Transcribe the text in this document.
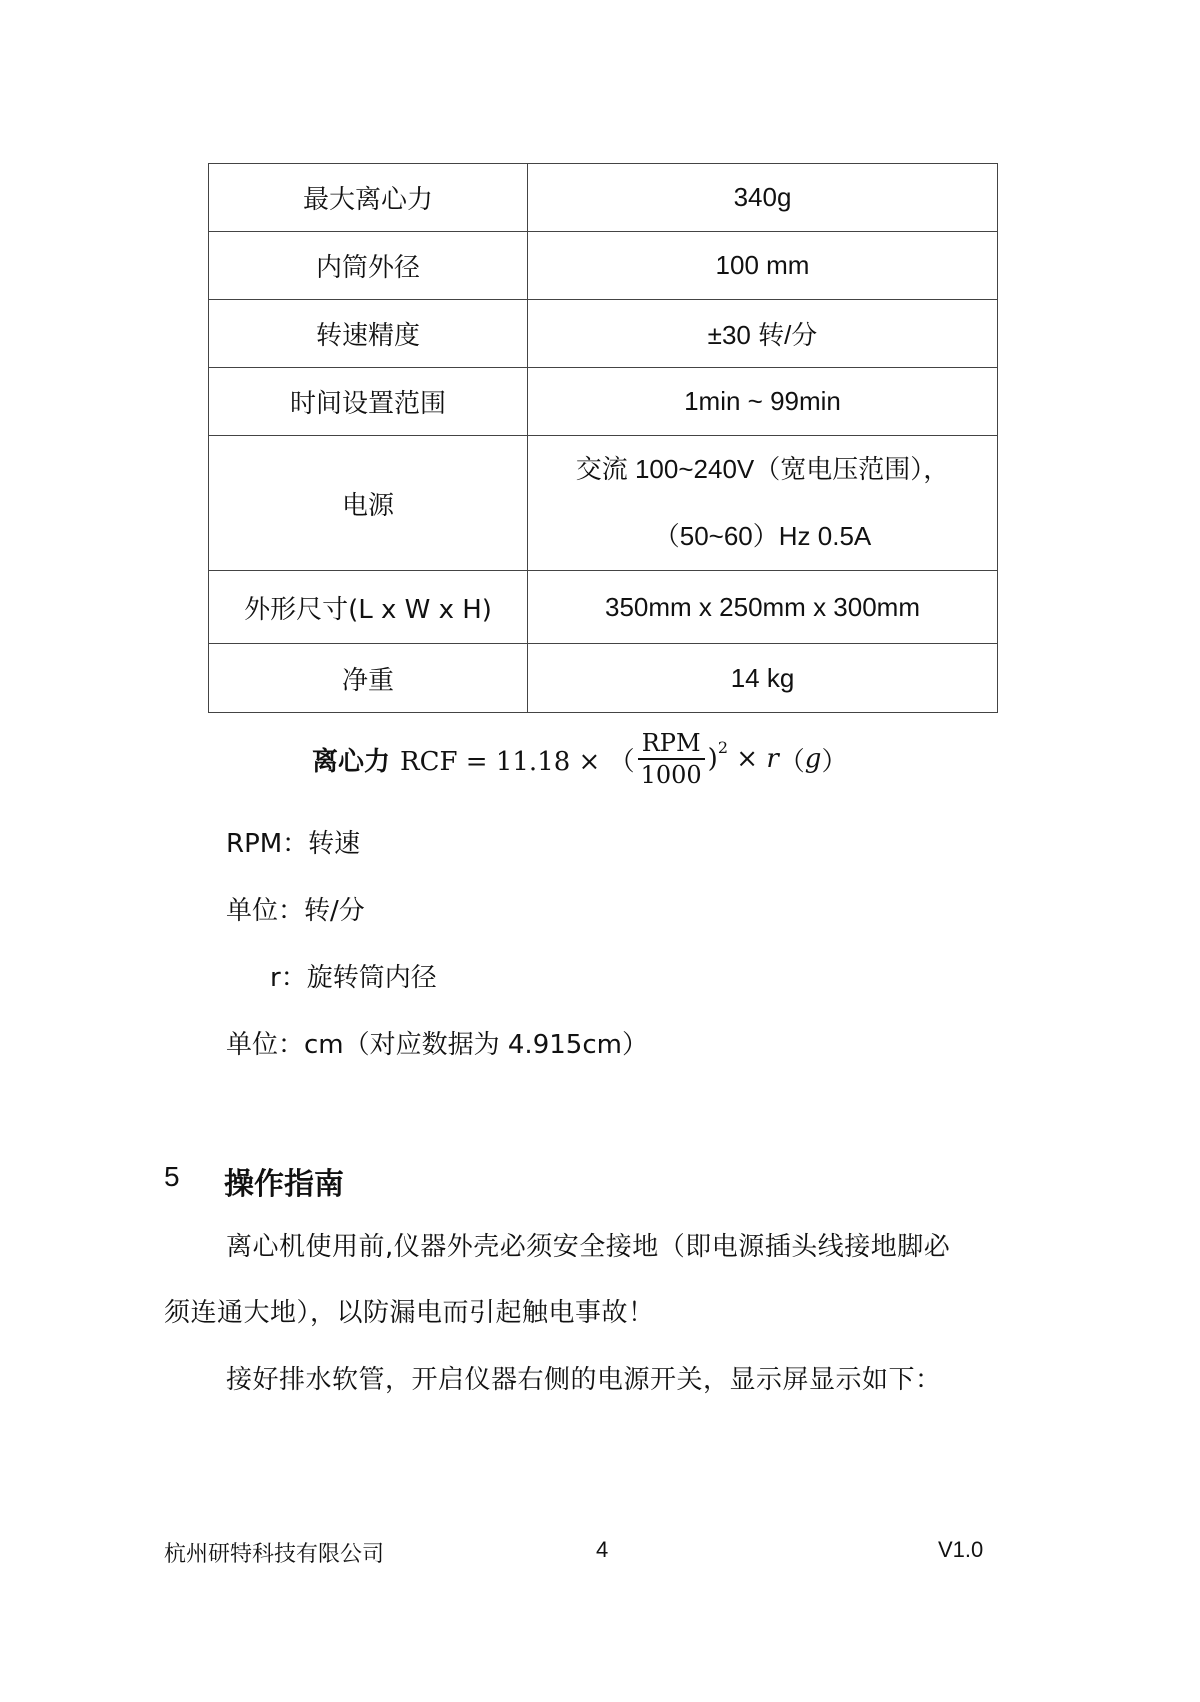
最大离心力	340g
内筒外径	100 mm
转速精度	±30 转/分
时间设置范围	1min ~ 99min
电源	交流 100~240V（宽电压范围），
（50~60）Hz 0.5A

外形尺寸(L x W x H)	350mm x 250mm x 300mm
净重	14 kg
离心力 RCF = 11.18 × （ $\frac{\text{RPM}}{1000}$ ) 2 × r （ g ）
RPM：转速
单位：转/分
r：旋转筒内径
单位：cm（对应数据为 4.915cm）
5 操作指南
离心机使用前,仪器外壳必须安全接地（即电源插头线接地脚必
须连通大地），以防漏电而引起触电事故！
接好排水软管，开启仪器右侧的电源开关，显示屏显示如下：
杭州研特科技有限公司	4	V1.0
